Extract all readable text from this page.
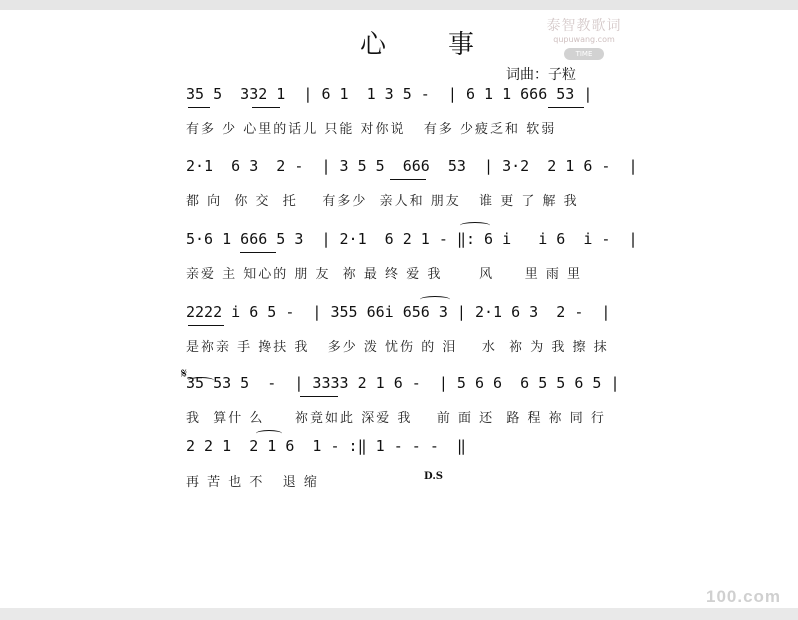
心　事
泰智教歌词
qupuwang.com
TIME
词曲：子粒
35 5  332 1  | 6 1  1 3 5 -  | 6 1 1 666 53 |
有多 少 心里的话儿 只能 对你说   有多 少疲乏和 软弱
2·1  6 3  2 -  | 3 5 5  666  53  | 3·2  2 1 6 -  |
都 向  你 交  托    有多少  亲人和 朋友   谁 更 了 解 我
5·6 1 666 5 3  | 2·1  6 2 1 - ‖: 6 i   i 6  i -  |
亲爱 主 知心的 朋 友  祢 最 终 爱 我      风     里 雨 里
2222 i 6 5 -  | 355 66i 656 3 | 2·1 6 3  2 -  |
是祢亲 手 搀扶 我   多少 泼 忧伤 的 泪    水  祢 为 我 擦 抹
𝄋
35 53 5  -  | 3333 2 1 6 -  | 5 6 6  6 5 5 6 5 |
我  算什 么     祢竟如此 深爱 我    前 面 还  路 程 祢 同 行
2 2 1  2 1 6  1 - :‖ 1 - - -  ‖
D.S
再 苦 也 不   退 缩
100.com
